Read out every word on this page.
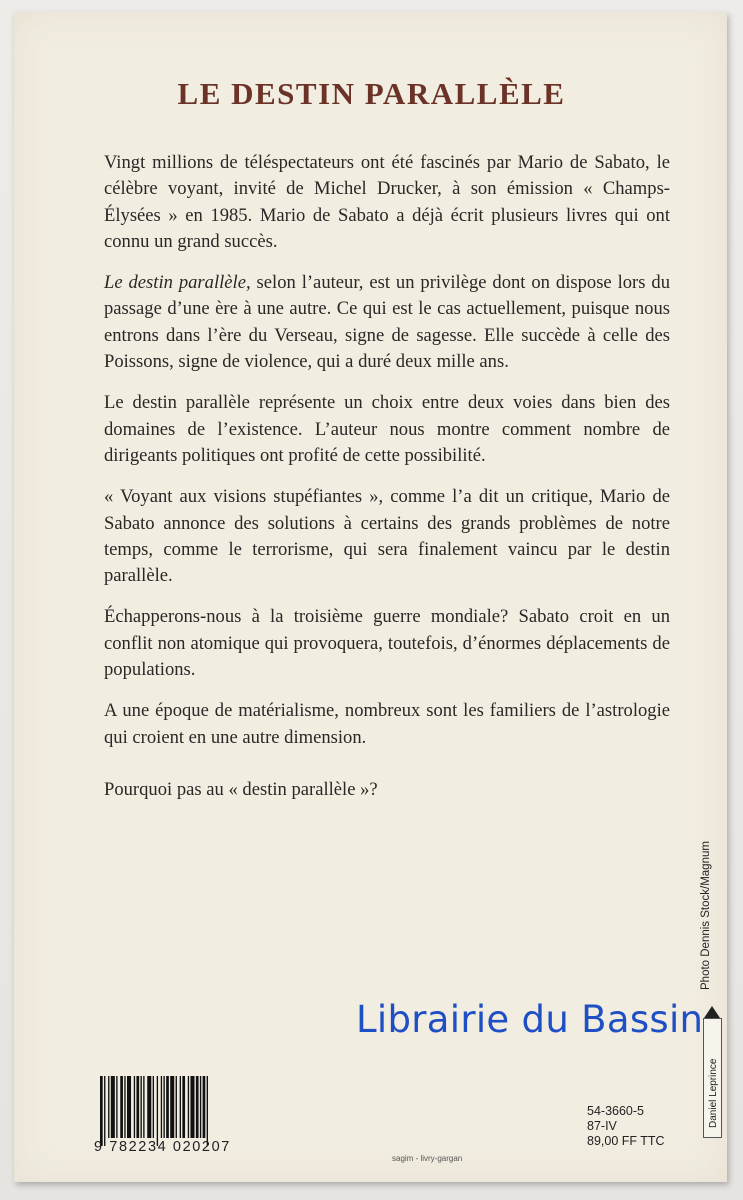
LE DESTIN PARALLÈLE

Vingt millions de téléspectateurs ont été fascinés par Mario de Sabato, le célèbre voyant, invité de Michel Drucker, à son émission « Champs-Élysées » en 1985. Mario de Sabato a déjà écrit plusieurs livres qui ont connu un grand succès.

Le destin parallèle, selon l’auteur, est un privilège dont on dispose lors du passage d’une ère à une autre. Ce qui est le cas actuellement, puisque nous entrons dans l’ère du Verseau, signe de sagesse. Elle succède à celle des Poissons, signe de violence, qui a duré deux mille ans.

Le destin parallèle représente un choix entre deux voies dans bien des domaines de l’existence. L’auteur nous montre comment nombre de dirigeants politiques ont profité de cette possibilité.

« Voyant aux visions stupéfiantes », comme l’a dit un critique, Mario de Sabato annonce des solutions à certains des grands problèmes de notre temps, comme le terrorisme, qui sera finalement vaincu par le destin parallèle.

Échapperons-nous à la troisième guerre mondiale? Sabato croit en un conflit non atomique qui provoquera, toutefois, d’énormes déplacements de populations.

A une époque de matérialisme, nombreux sont les familiers de l’astrologie qui croient en une autre dimension.

Pourquoi pas au « destin parallèle »?

Photo Dennis Stock/Magnum
Librairie du Bassin
Daniel Leprince
9 782234 020207
sagim - livry-gargan
54-3660-5
87-IV
89,00 FF TTC
